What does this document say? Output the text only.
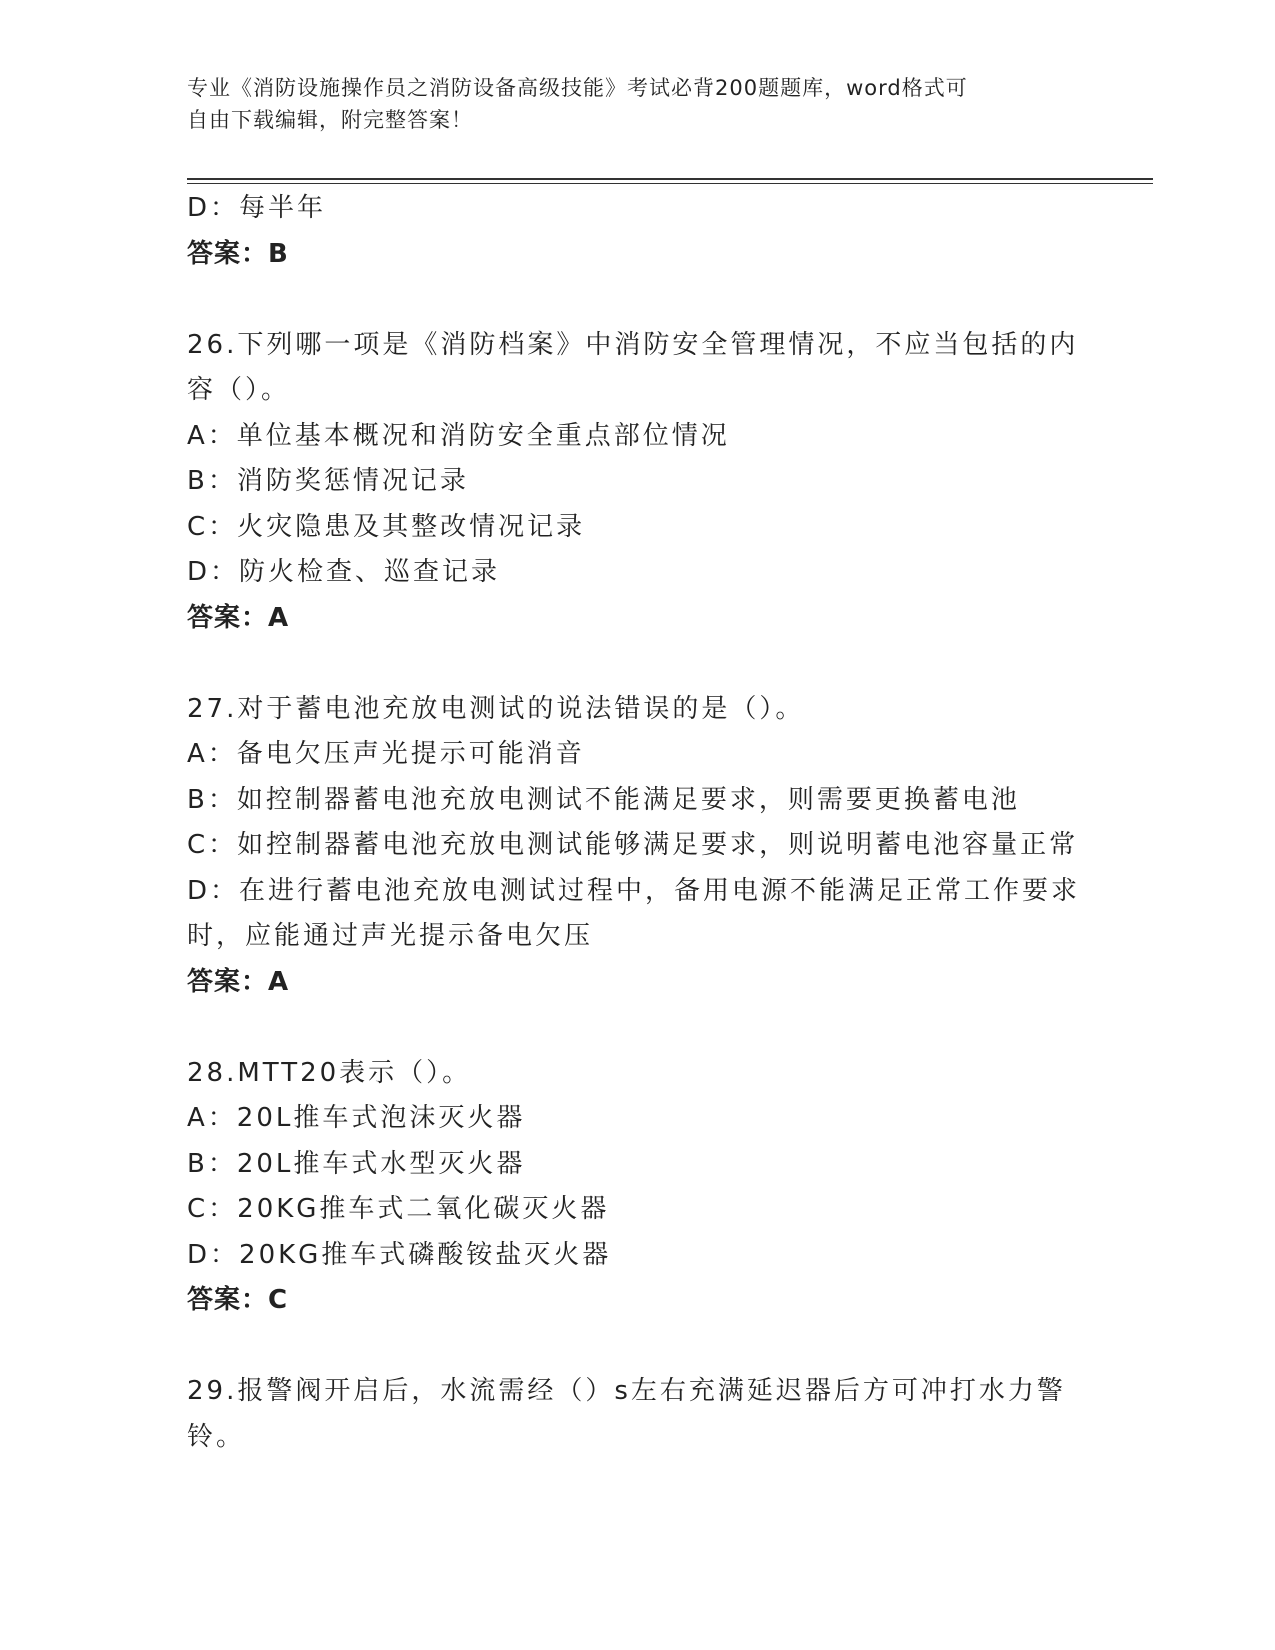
专业《消防设施操作员之消防设备高级技能》考试必背200题题库，word格式可
自由下载编辑，附完整答案！
D：每半年
答案：B
26.下列哪一项是《消防档案》中消防安全管理情况，不应当包括的内
容（）。
A：单位基本概况和消防安全重点部位情况
B：消防奖惩情况记录
C：火灾隐患及其整改情况记录
D：防火检查、巡查记录
答案：A
27.对于蓄电池充放电测试的说法错误的是（）。
A：备电欠压声光提示可能消音
B：如控制器蓄电池充放电测试不能满足要求，则需要更换蓄电池
C：如控制器蓄电池充放电测试能够满足要求，则说明蓄电池容量正常
D：在进行蓄电池充放电测试过程中，备用电源不能满足正常工作要求
时，应能通过声光提示备电欠压
答案：A
28.MTT20表示（）。
A：20L推车式泡沫灭火器
B：20L推车式水型灭火器
C：20KG推车式二氧化碳灭火器
D：20KG推车式磷酸铵盐灭火器
答案：C
29.报警阀开启后，水流需经（）s左右充满延迟器后方可冲打水力警
铃。
